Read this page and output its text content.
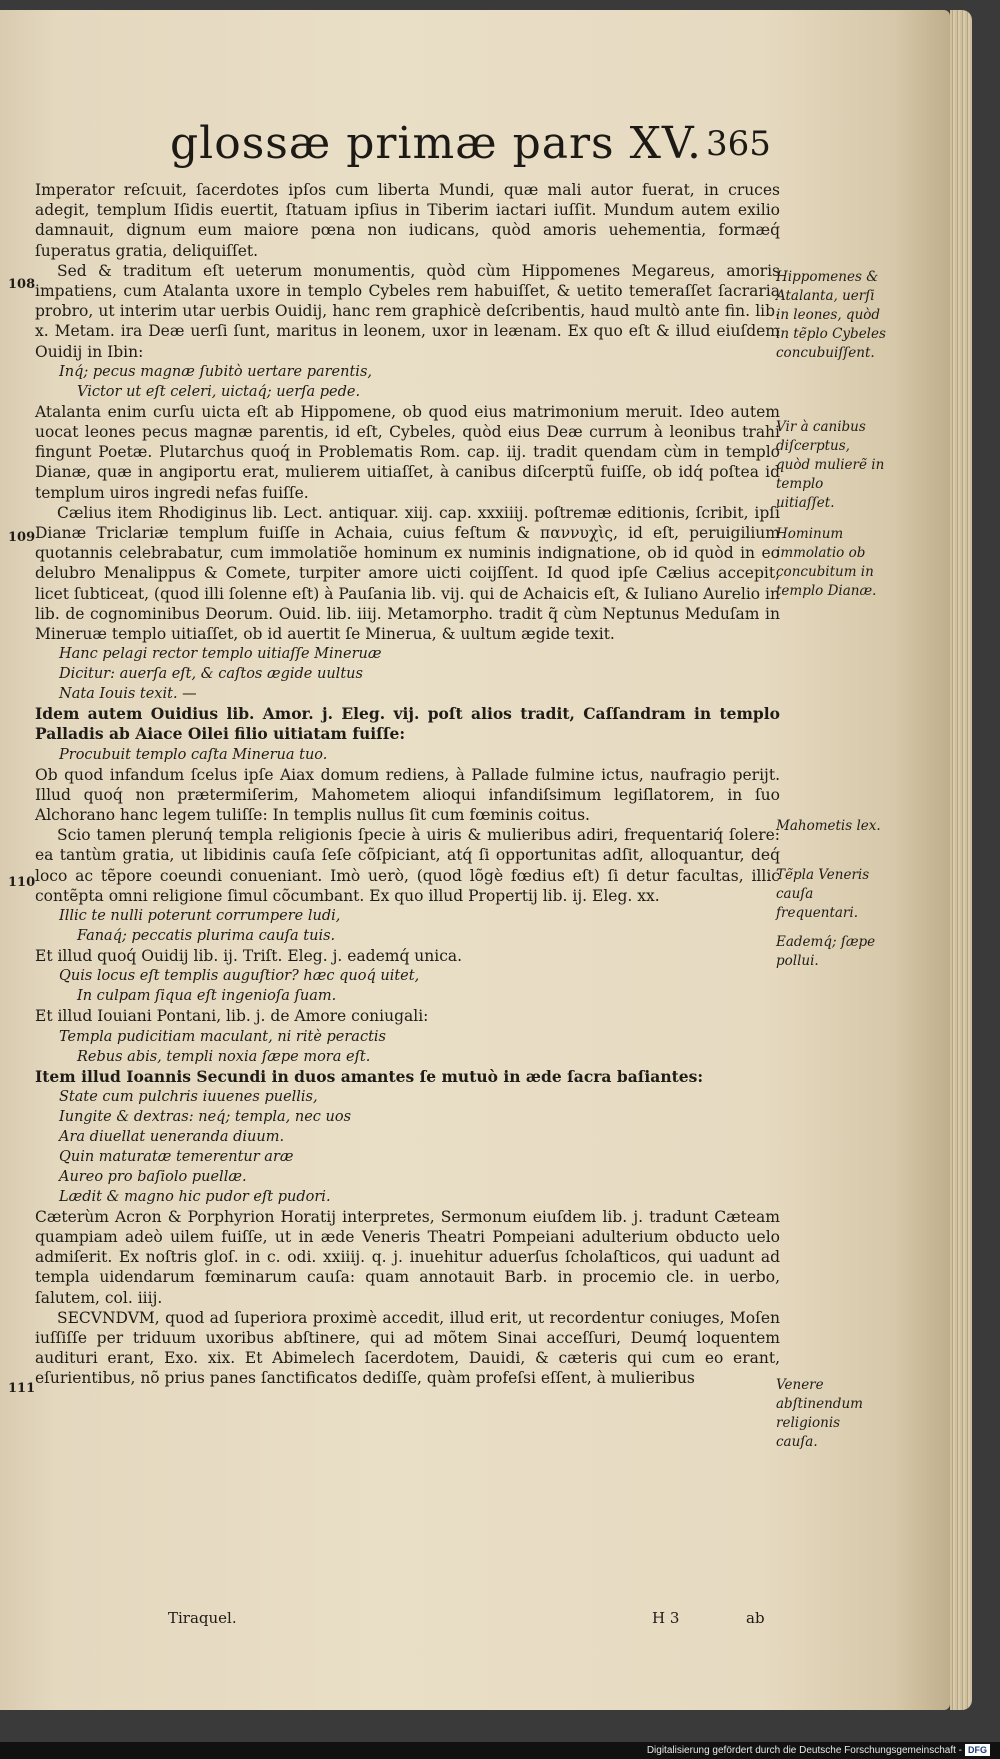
glossæ primæ pars XV. 365

Imperator reſcιuit, ſacerdotes ipſos cum liberta Mundi, quæ mali autor fuerat, in cruces adegit, templum Iſidis euertit, ſtatuam ipſius in Tiberim iactari iuſſit. Mundum autem exilio damnauit, dignum eum maiore pœna non iudicans, quòd amoris uehementia, formæq́ ſuperatus gratia, deliquiſſet.

Sed & traditum eſt ueterum monumentis, quòd cùm Hippomenes Megareus, amoris impatiens, cum Atalanta uxore in templo Cybeles rem habuiſſet, & uetito temeraſſet ſacraria probro, ut interim utar uerbis Ouidij, hanc rem graphicè deſcribentis, haud multò ante fin. lib. x. Metam. ira Deæ uerſi ſunt, maritus in leonem, uxor in leænam. Ex quo eſt & illud eiuſdem Ouidij in Ibin:

Inq́; pecus magnæ ſubitò uertare parentis,

Victor ut eſt celeri, uictaq́; uerſa pede.

Atalanta enim curſu uicta eſt ab Hippomene, ob quod eius matrimonium meruit. Ideo autem uocat leones pecus magnæ parentis, id eſt, Cybeles, quòd eius Deæ currum à leonibus trahi fingunt Poetæ. Plutarchus quoq́ in Problematis Rom. cap. iij. tradit quendam cùm in templo Dianæ, quæ in angiportu erat, mulierem uitiaſſet, à canibus diſcerptũ fuiſſe, ob idq́ poſtea id templum uiros ingredi nefas fuiſſe.

Cælius item Rhodiginus lib. Lect. antiquar. xiij. cap. xxxiiij. poſtremæ editionis, ſcribit, ipſi Dianæ Triclariæ templum fuiſſe in Achaia, cuius feſtum & παννυχὶς, id eſt, peruigilium quotannis celebrabatur, cum immolatiõe hominum ex numinis indignatione, ob id quòd in eo delubro Menalippus & Comete, turpiter amore uicti coijſſent. Id quod ipſe Cælius accepit, licet ſubticeat, (quod illi ſolenne eſt) à Pauſania lib. vij. qui de Achaicis eſt, & Iuliano Aurelio in lib. de cognominibus Deorum. Ouid. lib. iiij. Metamorpho. tradit q̃ cùm Neptunus Meduſam in Mineruæ templo uitiaſſet, ob id auertit ſe Minerua, & uultum ægide texit.

Hanc pelagi rector templo uitiaſſe Mineruæ

Dicitur: auerſa eſt, & caſtos ægide uultus

Nata Iouis texit. —

Idem autem Ouidius lib. Amor. j. Eleg. vij. poſt alios tradit, Caſſandram in templo Palladis ab Aiace Oilei filio uitiatam fuiſſe:

Procubuit templo caſta Minerua tuo.

Ob quod infandum ſcelus ipſe Aiax domum rediens, à Pallade fulmine ictus, naufragio perijt. Illud quoq́ non prætermiſerim, Mahometem alioqui infandiſsimum legiſlatorem, in ſuo Alchorano hanc legem tuliſſe: In templis nullus ſit cum fœminis coitus.

Scio tamen plerunq́ templa religionis ſpecie à uiris & mulieribus adiri, frequentariq́ ſolere: ea tantùm gratia, ut libidinis cauſa ſeſe cõſpiciant, atq́ ſi opportunitas adſit, alloquantur, deq́ loco ac tẽpore coeundi conueniant. Imò uerò, (quod lõgè fœdius eſt) ſi detur facultas, illic contẽpta omni religione ſimul cõcumbant. Ex quo illud Propertij lib. ij. Eleg. xx.

Illic te nulli poterunt corrumpere ludi,

Fanaq́; peccatis plurima cauſa tuis.

Et illud quoq́ Ouidij lib. ij. Triſt. Eleg. j. eademq́ unica.

Quis locus eſt templis auguſtior? hæc quoq́ uitet,

In culpam ſiqua eſt ingenioſa ſuam.

Et illud Iouiani Pontani, lib. j. de Amore coniugali:

Templa pudicitiam maculant, ni ritè peractis

Rebus abis, templi noxia ſæpe mora eſt.

Item illud Ioannis Secundi in duos amantes ſe mutuò in æde ſacra baſiantes:

State cum pulchris iuuenes puellis,

Iungite & dextras: neq́; templa, nec uos

Ara diuellat ueneranda diuum.

Quin maturatæ temerentur aræ

Aureo pro baſiolo puellæ.

Lædit & magno hic pudor eſt pudori.

Cæterùm Acron & Porphyrion Horatij interpretes, Sermonum eiuſdem lib. j. tradunt Cæteam quampiam adeò uilem fuiſſe, ut in æde Veneris Theatri Pompeiani adulterium obducto uelo admiſerit. Ex noſtris gloſ. in c. odi. xxiiij. q. j. inuehitur aduerſus ſcholaſticos, qui uadunt ad templa uidendarum fœminarum cauſa: quam annotauit Barb. in procemio cle. in uerbo, ſalutem, col. iiij.

SECVNDVM, quod ad ſuperiora proximè accedit, illud erit, ut recordentur coniuges, Moſen iuſſiſſe per triduum uxoribus abſtinere, qui ad mõtem Sinai acceſſuri, Deumq́ loquentem audituri erant, Exo. xix. Et Abimelech ſacerdotem, Dauidi, & cæteris qui cum eo erant, eſurientibus, nõ prius panes ſanctificatos dediſſe, quàm profeſsi eſſent, à mulieribus

108
109
110
111
Hippomenes & Atalanta, uerſi in leones, quòd in tẽplo Cybeles concubuiſſent.
Vir à canibus diſcerptus, quòd mulierẽ in templo uitiaſſet.
Hominum immolatio ob concubitum in templo Dianæ.
Mahometis lex.
Tẽpla Veneris cauſa frequentari.
Eademq́; ſæpe pollui.
Venere abſtinendum religionis cauſa.
Tiraquel.	H 3	ab
Digitalisierung gefördert durch die Deutsche Forschungsgemeinschaft - DFG
